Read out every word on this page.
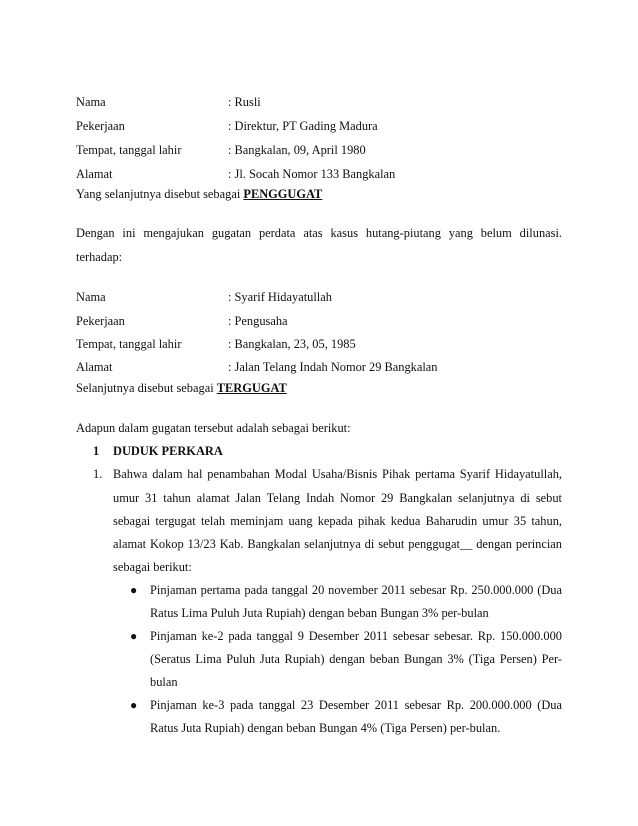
Nama	: Rusli
Pekerjaan	: Direktur, PT Gading Madura
Tempat, tanggal lahir	: Bangkalan, 09, April 1980
Alamat	: Jl. Socah Nomor 133 Bangkalan
Yang selanjutnya disebut sebagai PENGGUGAT
Dengan ini mengajukan gugatan perdata atas kasus hutang-piutang yang belum dilunasi.
terhadap:
Nama	: Syarif Hidayatullah
Pekerjaan	: Pengusaha
Tempat, tanggal lahir	: Bangkalan, 23, 05, 1985
Alamat	: Jalan Telang Indah Nomor 29 Bangkalan
Selanjutnya disebut sebagai TERGUGAT
Adapun dalam gugatan tersebut adalah sebagai berikut:
1 DUDUK PERKARA
1. Bahwa dalam hal penambahan Modal Usaha/Bisnis Pihak pertama Syarif Hidayatullah,
umur 31 tahun alamat Jalan Telang Indah Nomor 29 Bangkalan selanjutnya di sebut
sebagai tergugat telah meminjam uang kepada pihak kedua Baharudin umur 35 tahun,
alamat Kokop 13/23 Kab. Bangkalan selanjutnya di sebut penggugat__ dengan perincian
sebagai berikut:
● Pinjaman pertama pada tanggal 20 november 2011 sebesar Rp. 250.000.000 (Dua
Ratus Lima Puluh Juta Rupiah) dengan beban Bungan 3% per-bulan
● Pinjaman ke-2 pada tanggal 9 Desember 2011 sebesar sebesar. Rp. 150.000.000
(Seratus Lima Puluh Juta Rupiah) dengan beban Bungan 3% (Tiga Persen) Per-
bulan
● Pinjaman ke-3 pada tanggal 23 Desember 2011 sebesar Rp. 200.000.000 (Dua
Ratus Juta Rupiah) dengan beban Bungan 4% (Tiga Persen) per-bulan.
